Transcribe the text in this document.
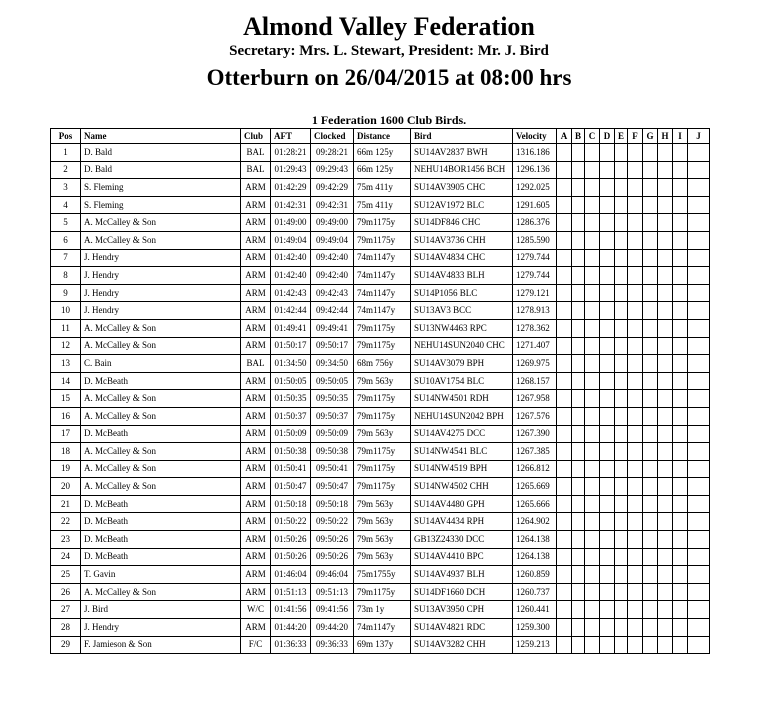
Almond Valley Federation
Secretary: Mrs. L. Stewart, President: Mr. J. Bird
Otterburn on 26/04/2015 at 08:00 hrs
1 Federation 1600 Club Birds.
Pos	Name	Club	AFT	Clocked	Distance	Bird	Velocity	A	B	C	D	E	F	G	H	I	J
1	D. Bald	BAL	01:28:21	09:28:21	66m 125y	SU14AV2837 BWH	1316.186										
2	D. Bald	BAL	01:29:43	09:29:43	66m 125y	NEHU14BOR1456 BCH	1296.136										
3	S. Fleming	ARM	01:42:29	09:42:29	75m 411y	SU14AV3905 CHC	1292.025										
4	S. Fleming	ARM	01:42:31	09:42:31	75m 411y	SU12AV1972 BLC	1291.605										
5	A. McCalley & Son	ARM	01:49:00	09:49:00	79m1175y	SU14DF846 CHC	1286.376										
6	A. McCalley & Son	ARM	01:49:04	09:49:04	79m1175y	SU14AV3736 CHH	1285.590										
7	J. Hendry	ARM	01:42:40	09:42:40	74m1147y	SU14AV4834 CHC	1279.744										
8	J. Hendry	ARM	01:42:40	09:42:40	74m1147y	SU14AV4833 BLH	1279.744										
9	J. Hendry	ARM	01:42:43	09:42:43	74m1147y	SU14P1056 BLC	1279.121										
10	J. Hendry	ARM	01:42:44	09:42:44	74m1147y	SU13AV3 BCC	1278.913										
11	A. McCalley & Son	ARM	01:49:41	09:49:41	79m1175y	SU13NW4463 RPC	1278.362										
12	A. McCalley & Son	ARM	01:50:17	09:50:17	79m1175y	NEHU14SUN2040 CHC	1271.407										
13	C. Bain	BAL	01:34:50	09:34:50	68m 756y	SU14AV3079 BPH	1269.975										
14	D. McBeath	ARM	01:50:05	09:50:05	79m 563y	SU10AV1754 BLC	1268.157										
15	A. McCalley & Son	ARM	01:50:35	09:50:35	79m1175y	SU14NW4501 RDH	1267.958										
16	A. McCalley & Son	ARM	01:50:37	09:50:37	79m1175y	NEHU14SUN2042 BPH	1267.576										
17	D. McBeath	ARM	01:50:09	09:50:09	79m 563y	SU14AV4275 DCC	1267.390										
18	A. McCalley & Son	ARM	01:50:38	09:50:38	79m1175y	SU14NW4541 BLC	1267.385										
19	A. McCalley & Son	ARM	01:50:41	09:50:41	79m1175y	SU14NW4519 BPH	1266.812										
20	A. McCalley & Son	ARM	01:50:47	09:50:47	79m1175y	SU14NW4502 CHH	1265.669										
21	D. McBeath	ARM	01:50:18	09:50:18	79m 563y	SU14AV4480 GPH	1265.666										
22	D. McBeath	ARM	01:50:22	09:50:22	79m 563y	SU14AV4434 RPH	1264.902										
23	D. McBeath	ARM	01:50:26	09:50:26	79m 563y	GB13Z24330 DCC	1264.138										
24	D. McBeath	ARM	01:50:26	09:50:26	79m 563y	SU14AV4410 BPC	1264.138										
25	T. Gavin	ARM	01:46:04	09:46:04	75m1755y	SU14AV4937 BLH	1260.859										
26	A. McCalley & Son	ARM	01:51:13	09:51:13	79m1175y	SU14DF1660 DCH	1260.737										
27	J. Bird	W/C	01:41:56	09:41:56	73m 1y	SU13AV3950 CPH	1260.441										
28	J. Hendry	ARM	01:44:20	09:44:20	74m1147y	SU14AV4821 RDC	1259.300										
29	F. Jamieson & Son	F/C	01:36:33	09:36:33	69m 137y	SU14AV3282 CHH	1259.213										
